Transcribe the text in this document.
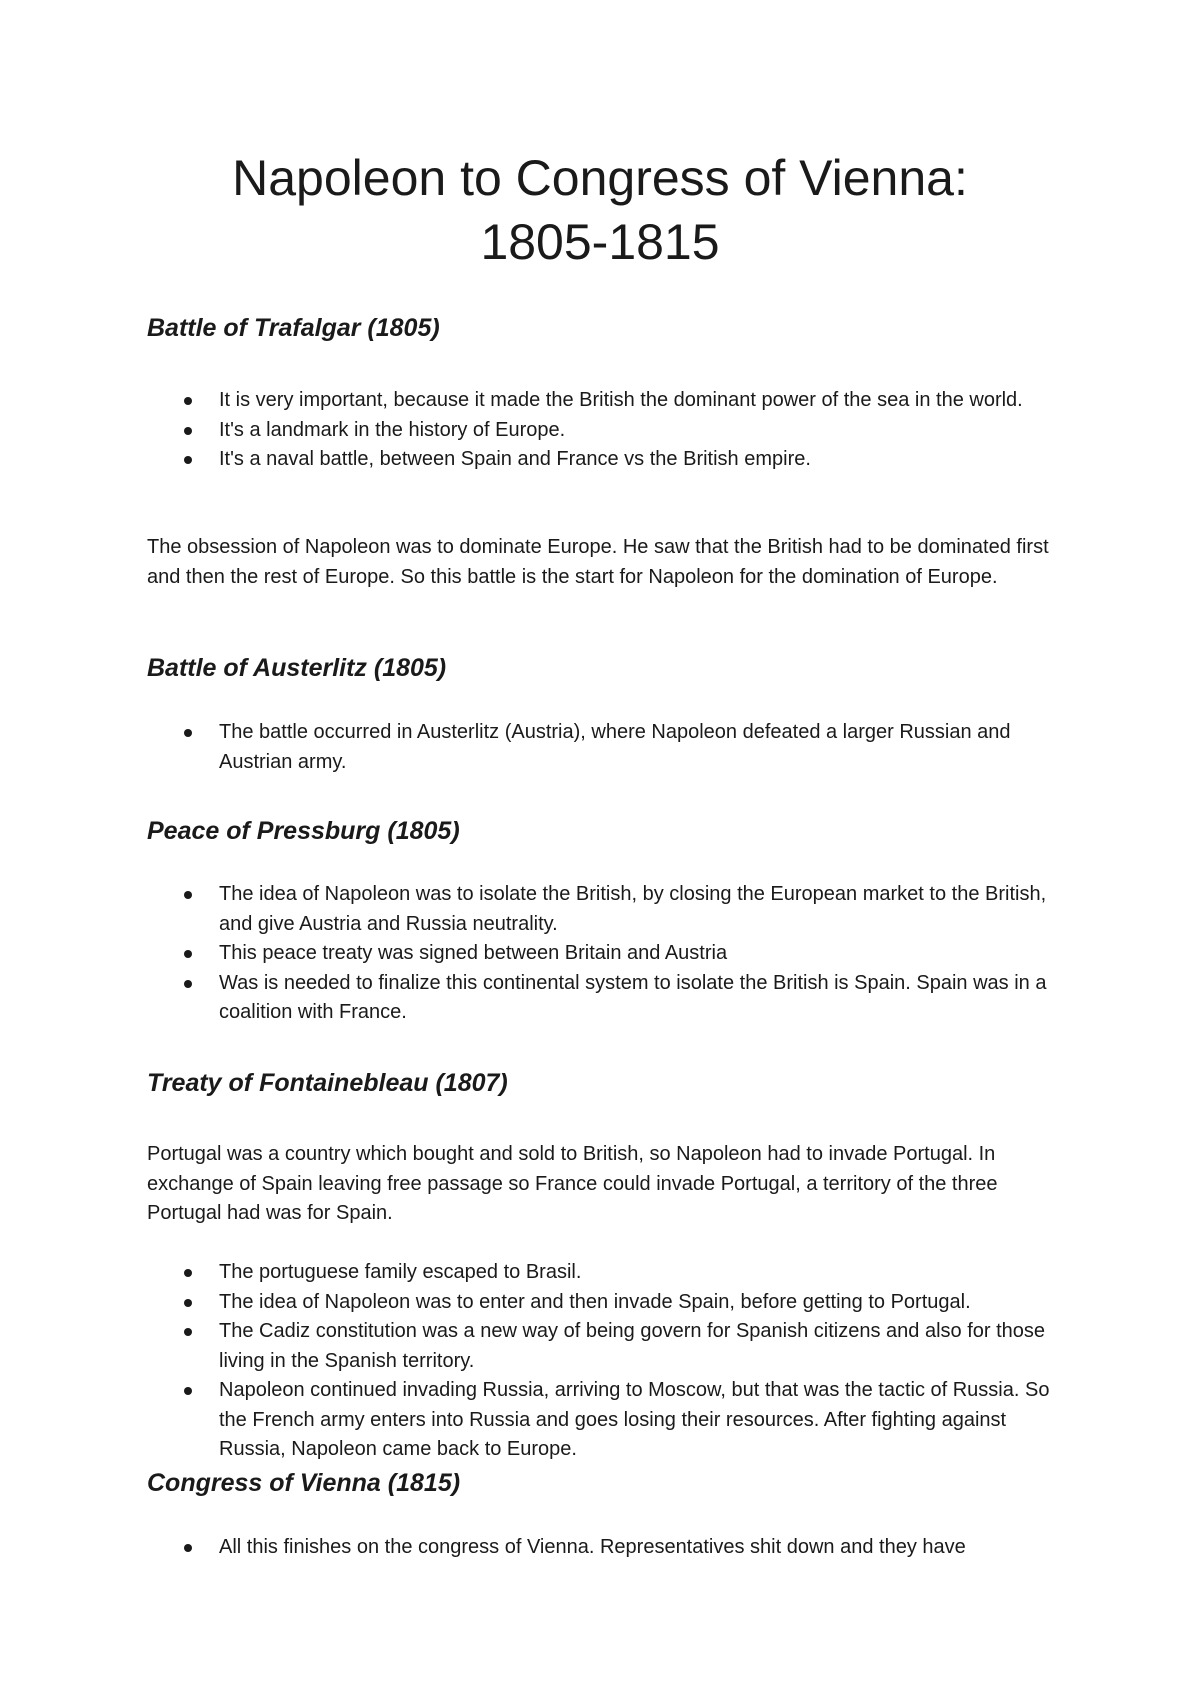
Napoleon to Congress of Vienna:
1805-1815
Battle of Trafalgar (1805)
It is very important, because it made the British the dominant power of the sea in the world.
It's a landmark in the history of Europe.
It's a naval battle, between Spain and France vs the British empire.

The obsession of Napoleon was to dominate Europe. He saw that the British had to be dominated first and then the rest of Europe. So this battle is the start for Napoleon for the domination of Europe.

Battle of Austerlitz (1805)
The battle occurred in Austerlitz (Austria), where Napoleon defeated a larger Russian and Austrian army.
Peace of Pressburg (1805)
The idea of Napoleon was to isolate the British, by closing the European market to the British, and give Austria and Russia neutrality.
This peace treaty was signed between Britain and Austria
Was is needed to finalize this continental system to isolate the British is Spain. Spain was in a coalition with France.
Treaty of Fontainebleau (1807)

Portugal was a country which bought and sold to British, so Napoleon had to invade Portugal. In exchange of Spain leaving free passage so France could invade Portugal, a territory of the three Portugal had was for Spain.

The portuguese family escaped to Brasil.
The idea of Napoleon was to enter and then invade Spain, before getting to Portugal.
The Cadiz constitution was a new way of being govern for Spanish citizens and also for those living in the Spanish territory.
Napoleon continued invading Russia, arriving to Moscow, but that was the tactic of Russia. So the French army enters into Russia and goes losing their resources. After fighting against Russia, Napoleon came back to Europe.
Congress of Vienna (1815)
All this finishes on the congress of Vienna. Representatives shit down and they have
